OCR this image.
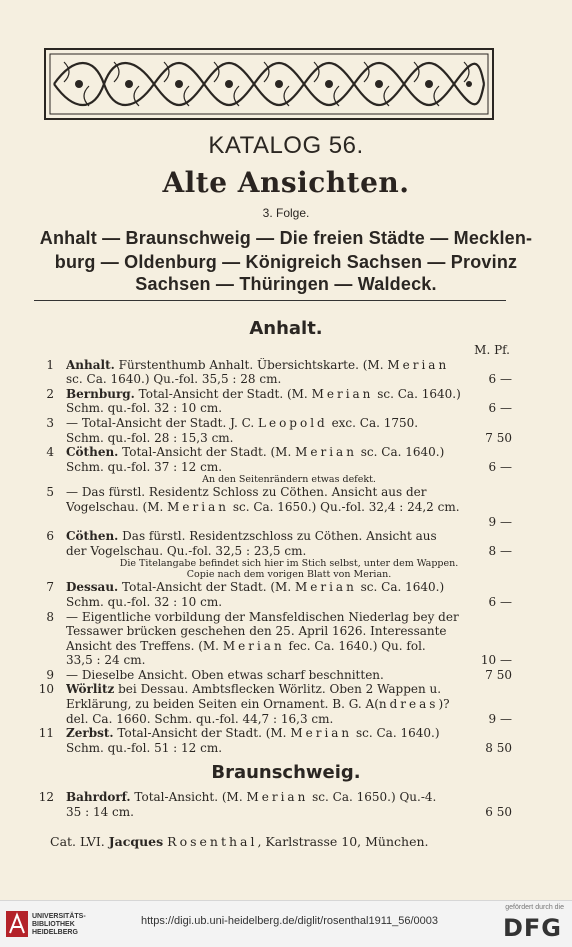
KATALOG 56.
Alte Ansichten.
3. Folge.
Anhalt — Braunschweig — Die freien Städte — Mecklen-
burg — Oldenburg — Königreich Sachsen — Provinz
Sachsen — Thüringen — Waldeck.
Anhalt.
M. Pf.
1 Anhalt. Fürstenthumb Anhalt. Übersichtskarte. (M. Merian
sc. Ca. 1640.) Qu.-fol. 35,5 : 28 cm.	6 —
2 Bernburg. Total-Ansicht der Stadt. (M. Merian sc. Ca. 1640.)
Schm. qu.-fol. 32 : 10 cm.	6 —
3 — Total-Ansicht der Stadt. J. C. Leopold exc. Ca. 1750.
Schm. qu.-fol. 28 : 15,3 cm.	7 50
4 Cöthen. Total-Ansicht der Stadt. (M. Merian sc. Ca. 1640.)
Schm. qu.-fol. 37 : 12 cm.	6 —
An den Seitenrändern etwas defekt.
5 — Das fürstl. Residentz Schloss zu Cöthen. Ansicht aus der
Vogelschau. (M. Merian sc. Ca. 1650.) Qu.-fol. 32,4 : 24,2 cm.
9 —
6 Cöthen. Das fürstl. Residentzschloss zu Cöthen. Ansicht aus
der Vogelschau. Qu.-fol. 32,5 : 23,5 cm.	8 —
Die Titelangabe befindet sich hier im Stich selbst, unter dem Wappen.
Copie nach dem vorigen Blatt von Merian.
7 Dessau. Total-Ansicht der Stadt. (M. Merian sc. Ca. 1640.)
Schm. qu.-fol. 32 : 10 cm.	6 —
8 — Eigentliche vorbildung der Mansfeldischen Niederlag bey der
Tessawer brücken geschehen den 25. April 1626. Interessante
Ansicht des Treffens. (M. Merian fec. Ca. 1640.) Qu. fol.
33,5 : 24 cm.	10 —
9 — Dieselbe Ansicht. Oben etwas scharf beschnitten.	7 50
10 Wörlitz bei Dessau. Ambtsflecken Wörlitz. Oben 2 Wappen u.
Erklärung, zu beiden Seiten ein Ornament. B. G. A(ndreas)?
del. Ca. 1660. Schm. qu.-fol. 44,7 : 16,3 cm.	9 —
11 Zerbst. Total-Ansicht der Stadt. (M. Merian sc. Ca. 1640.)
Schm. qu.-fol. 51 : 12 cm.	8 50
Braunschweig.
12 Bahrdorf. Total-Ansicht. (M. Merian sc. Ca. 1650.) Qu.-4.
35 : 14 cm.	6 50
Cat. LVI. Jacques Rosenthal, Karlstrasse 10, München.
UNIVERSITÄTS-
BIBLIOTHEK
HEIDELBERG
https://digi.ub.uni-heidelberg.de/diglit/rosenthal1911_56/0003
gefördert durch die
DFG
